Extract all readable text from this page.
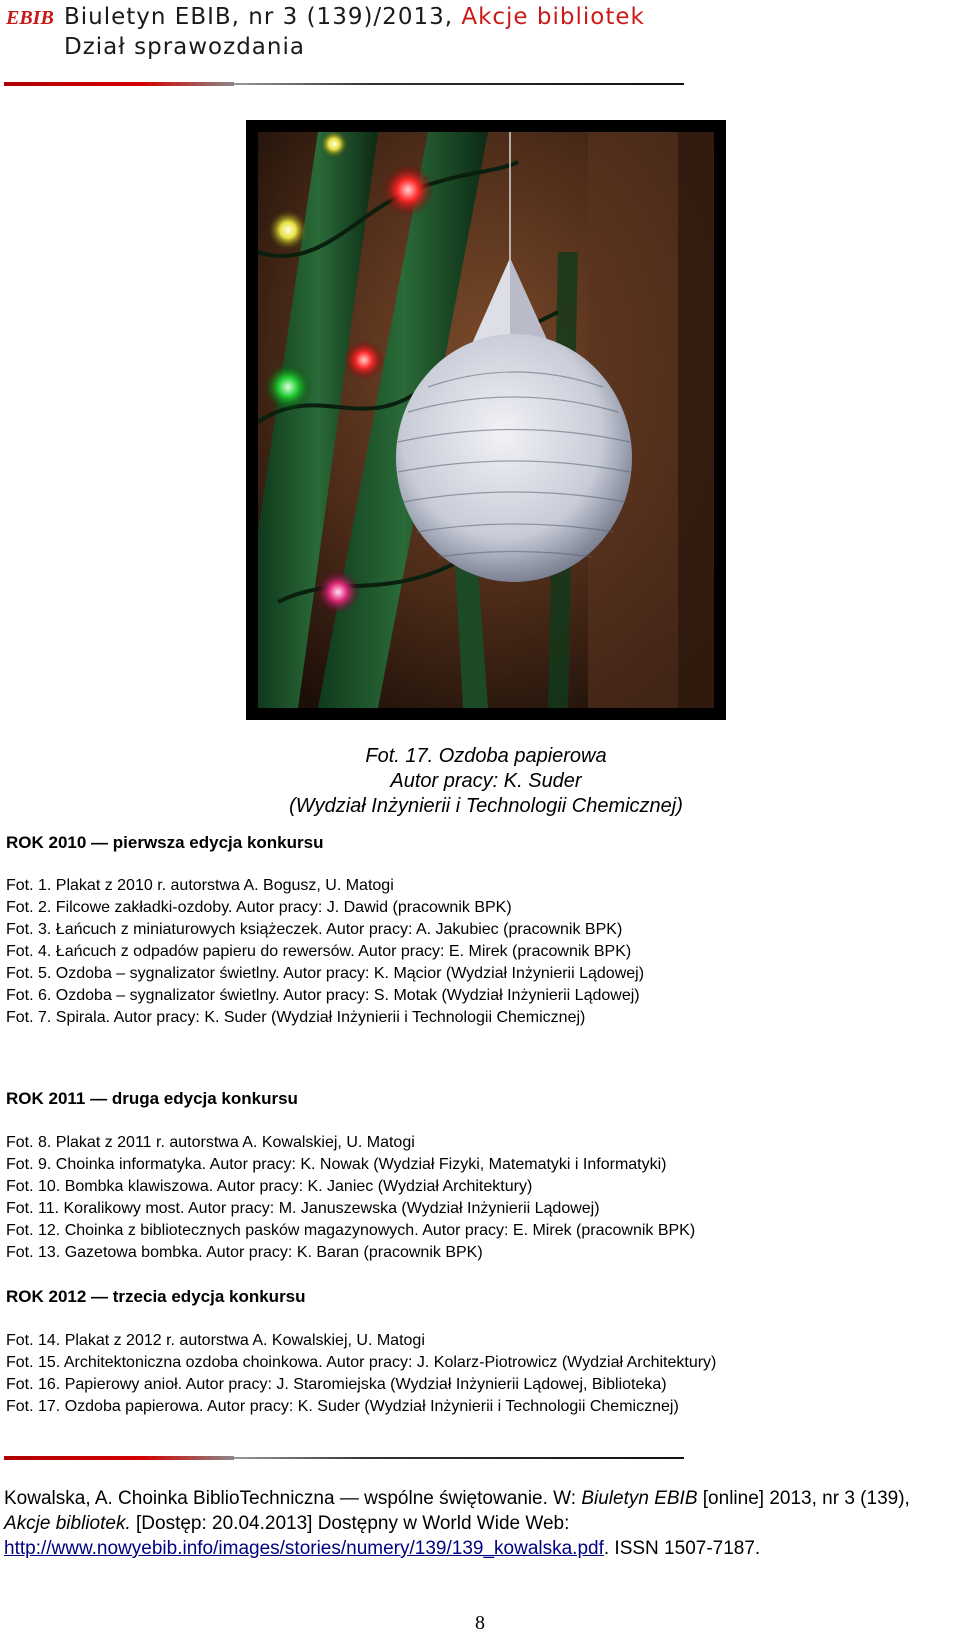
EBIB Biuletyn EBIB, nr 3 (139)/2013, Akcje bibliotek
Dział sprawozdania
Fot. 17. Ozdoba papierowa
Autor pracy: K. Suder
(Wydział Inżynierii i Technologii Chemicznej)
ROK 2010 — pierwsza edycja konkursu
Fot. 1. Plakat z 2010 r. autorstwa A. Bogusz, U. Matogi
Fot. 2. Filcowe zakładki-ozdoby. Autor pracy: J. Dawid (pracownik BPK)
Fot. 3. Łańcuch z miniaturowych książeczek. Autor pracy: A. Jakubiec (pracownik BPK)
Fot. 4. Łańcuch z odpadów papieru do rewersów. Autor pracy: E. Mirek (pracownik BPK)
Fot. 5. Ozdoba – sygnalizator świetlny. Autor pracy: K. Mącior (Wydział Inżynierii Lądowej)
Fot. 6. Ozdoba – sygnalizator świetlny. Autor pracy: S. Motak (Wydział Inżynierii Lądowej)
Fot. 7. Spirala. Autor pracy: K. Suder (Wydział Inżynierii i Technologii Chemicznej)
ROK 2011 — druga edycja konkursu
Fot. 8. Plakat z 2011 r. autorstwa A. Kowalskiej, U. Matogi
Fot. 9. Choinka informatyka. Autor pracy: K. Nowak (Wydział Fizyki, Matematyki i Informatyki)
Fot. 10. Bombka klawiszowa. Autor pracy: K. Janiec (Wydział Architektury)
Fot. 11. Koralikowy most. Autor pracy: M. Januszewska (Wydział Inżynierii Lądowej)
Fot. 12. Choinka z bibliotecznych pasków magazynowych. Autor pracy: E. Mirek (pracownik BPK)
Fot. 13. Gazetowa bombka. Autor pracy: K. Baran (pracownik BPK)
ROK 2012 — trzecia edycja konkursu
Fot. 14. Plakat z 2012 r. autorstwa A. Kowalskiej, U. Matogi
Fot. 15. Architektoniczna ozdoba choinkowa. Autor pracy: J. Kolarz-Piotrowicz (Wydział Architektury)
Fot. 16. Papierowy anioł. Autor pracy: J. Staromiejska (Wydział Inżynierii Lądowej, Biblioteka)
Fot. 17. Ozdoba papierowa. Autor pracy: K. Suder (Wydział Inżynierii i Technologii Chemicznej)
Kowalska, A. Choinka BiblioTechniczna — wspólne świętowanie. W: Biuletyn EBIB [online] 2013, nr 3 (139), Akcje bibliotek. [Dostęp: 20.04.2013] Dostępny w World Wide Web: http://www.nowyebib.info/images/stories/numery/139/139_kowalska.pdf. ISSN 1507-7187.
8
